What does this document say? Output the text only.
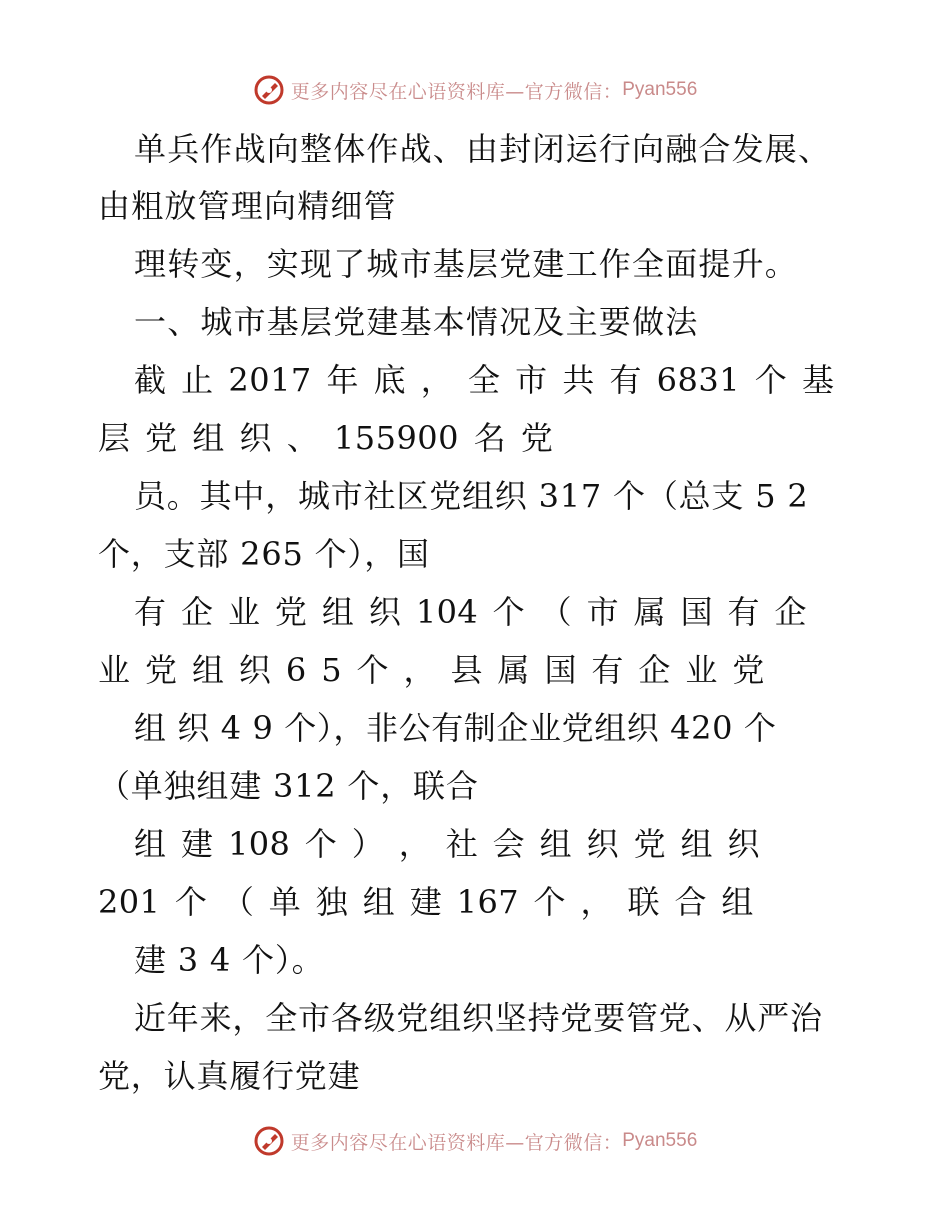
更多内容尽在心语资料库—官方微信： Pyan556
单兵作战向整体作战、由封闭运行向融合发展、
由粗放管理向精细管
理转变，实现了城市基层党建工作全面提升。
一、城市基层党建基本情况及主要做法
截 止 2017 年 底 ， 全 市 共 有 6831 个 基
层 党 组 织 、 155900 名 党
员。其中，城市社区党组织 317 个（总支 5 2
个，支部 265 个），国
有 企 业 党 组 织 104 个 （ 市 属 国 有 企
业 党 组 织 6 5 个 ， 县 属 国 有 企 业 党
组 织 4 9 个），非公有制企业党组织 420 个
（单独组建 312 个，联合
组 建 108 个 ） ， 社 会 组 织 党 组 织
201 个 （ 单 独 组 建 167 个 ， 联 合 组
建 3 4 个）。
近年来，全市各级党组织坚持党要管党、从严治
党，认真履行党建
更多内容尽在心语资料库—官方微信： Pyan556
